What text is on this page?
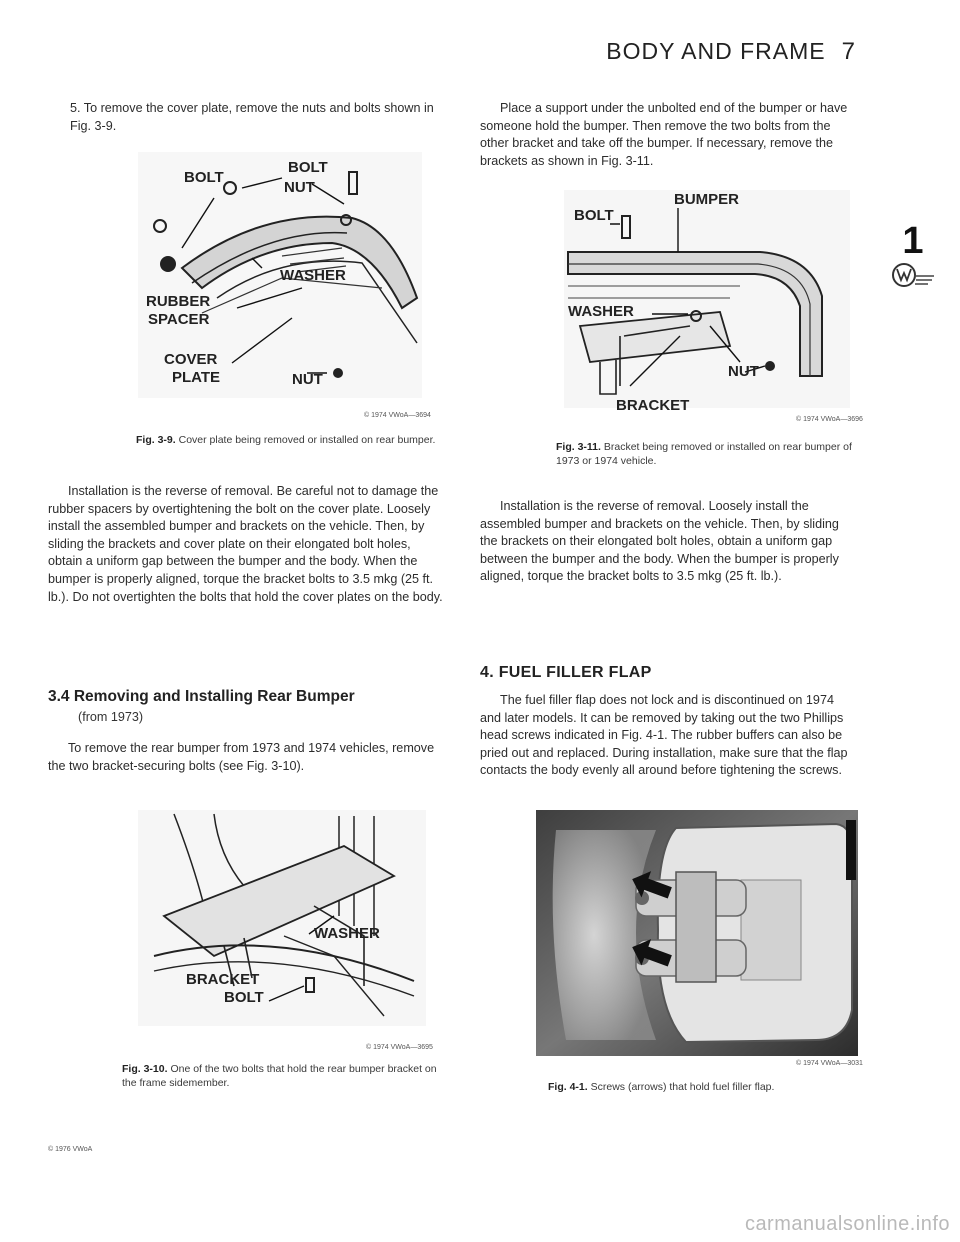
BODY AND FRAME 7
1

5. To remove the cover plate, remove the nuts and bolts shown in Fig. 3-9.

BOLT
BOLT
NUT
WASHER
RUBBER
SPACER
COVER
PLATE	NUT
© 1974 VWoA—3694
Fig. 3-9. Cover plate being removed or installed on rear bumper.

Installation is the reverse of removal. Be careful not to damage the rubber spacers by overtightening the bolt on the cover plate. Loosely install the assembled bumper and brackets on the vehicle. Then, by sliding the brackets and cover plate on their elongated bolt holes, obtain a uniform gap between the bumper and the body. When the bumper is properly aligned, torque the bracket bolts to 3.5 mkg (25 ft. lb.). Do not overtighten the bolts that hold the cover plates on the body.

3.4 Removing and Installing Rear Bumper
(from 1973)

To remove the rear bumper from 1973 and 1974 vehicles, remove the two bracket-securing bolts (see Fig. 3-10).

WASHER
BRACKET
BOLT
© 1974 VWoA—3695
Fig. 3-10. One of the two bolts that hold the rear bumper bracket on the frame sidemember.
© 1976 VWoA

Place a support under the unbolted end of the bumper or have someone hold the bumper. Then remove the two bolts from the other bracket and take off the bumper. If necessary, remove the brackets as shown in Fig. 3-11.

BOLT
BUMPER
WASHER
NUT
BRACKET
© 1974 VWoA—3696
Fig. 3-11. Bracket being removed or installed on rear bumper of 1973 or 1974 vehicle.

Installation is the reverse of removal. Loosely install the assembled bumper and brackets on the vehicle. Then, by sliding the brackets on their elongated bolt holes, obtain a uniform gap between the bumper and the body. When the bumper is properly aligned, torque the bracket bolts to 3.5 mkg (25 ft. lb.).

4. FUEL FILLER FLAP

The fuel filler flap does not lock and is discontinued on 1974 and later models. It can be removed by taking out the two Phillips head screws indicated in Fig. 4-1. The rubber buffers can also be pried out and replaced. During installation, make sure that the flap contacts the body evenly all around before tightening the screws.

© 1974 VWoA—3031
Fig. 4-1. Screws (arrows) that hold fuel filler flap.
carmanualsonline.info
